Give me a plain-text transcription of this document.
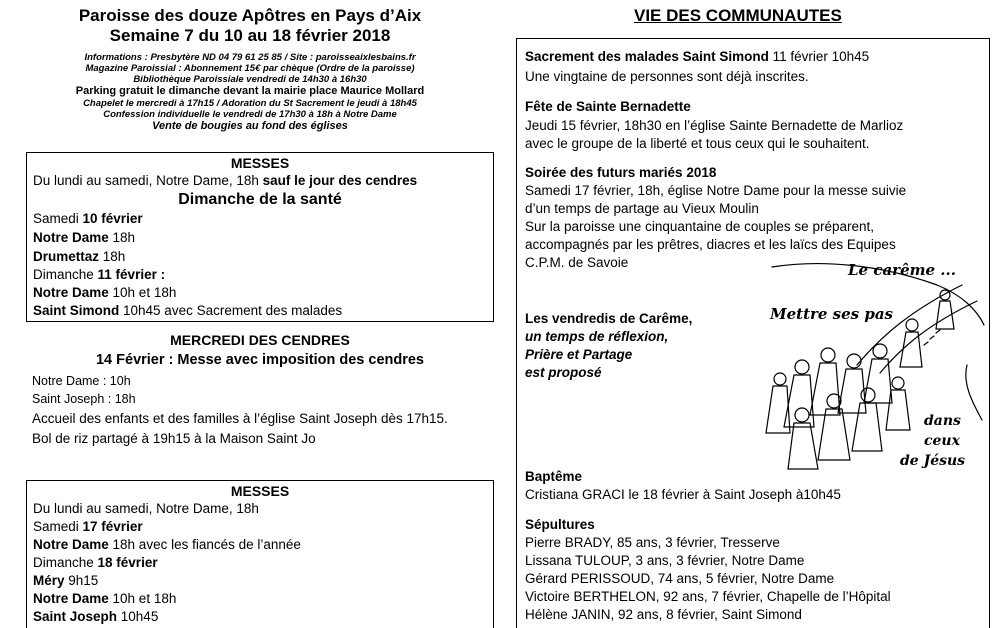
Paroisse des douze Apôtres en Pays d’Aix
Semaine 7 du 10 au 18 février 2018
Informations : Presbytère ND 04 79 61 25 85 / Site : paroisseaixlesbains.fr
Magazine Paroissial : Abonnement 15€ par chèque (Ordre de la paroisse)
Bibliothèque Paroissiale vendredi de 14h30 à 16h30
Parking gratuit le dimanche devant la mairie place Maurice Mollard
Chapelet le mercredi à 17h15 / Adoration du St Sacrement le jeudi à 18h45
Confession individuelle le vendredi de 17h30 à 18h à Notre Dame
Vente de bougies au fond des églises
MESSES
Du lundi au samedi, Notre Dame, 18h sauf le jour des cendres
Dimanche de la santé
Samedi 10 février
Notre Dame 18h
Drumettaz 18h
Dimanche 11 février :
Notre Dame 10h et 18h
Saint Simond 10h45 avec Sacrement des malades
MERCREDI DES CENDRES
14 Février : Messe avec imposition des cendres
Notre Dame : 10h
Saint Joseph : 18h
Accueil des enfants et des familles à l’église Saint Joseph dès 17h15.
Bol de riz partagé à 19h15 à la Maison Saint Jo
MESSES
Du lundi au samedi, Notre Dame, 18h
Samedi 17 février
Notre Dame 18h avec les fiancés de l’année
Dimanche 18 février
Méry 9h15
Notre Dame 10h et 18h
Saint Joseph 10h45
VIE DES COMMUNAUTES
Sacrement des malades Saint Simond 11 février 10h45
Une vingtaine de personnes sont déjà inscrites.
Fête de Sainte Bernadette
Jeudi 15 février, 18h30 en l’église Sainte Bernadette de Marlioz
avec le groupe de la liberté et tous ceux qui le souhaitent.
Soirée des futurs mariés 2018
Samedi 17 février, 18h, église Notre Dame pour la messe suivie
d’un temps de partage au Vieux Moulin
Sur la paroisse une cinquantaine de couples se préparent,
accompagnés par les prêtres, diacres et les laïcs des Equipes
C.P.M. de Savoie
Les vendredis de Carême,
un temps de réflexion,
Prière et Partage
est proposé
Baptême
Cristiana GRACI le 18 février à Saint Joseph à10h45
Sépultures
Pierre BRADY, 85 ans, 3 février, Tresserve
Lissana TULOUP, 3 ans, 3 février, Notre Dame
Gérard PERISSOUD, 74 ans, 5 février, Notre Dame
Victoire BERTHELON, 92 ans, 7 février, Chapelle de l’Hôpital
Hélène JANIN, 92 ans, 8 février, Saint Simond
Le carême ...
Mettre ses pas
dans
ceux
de Jésus
